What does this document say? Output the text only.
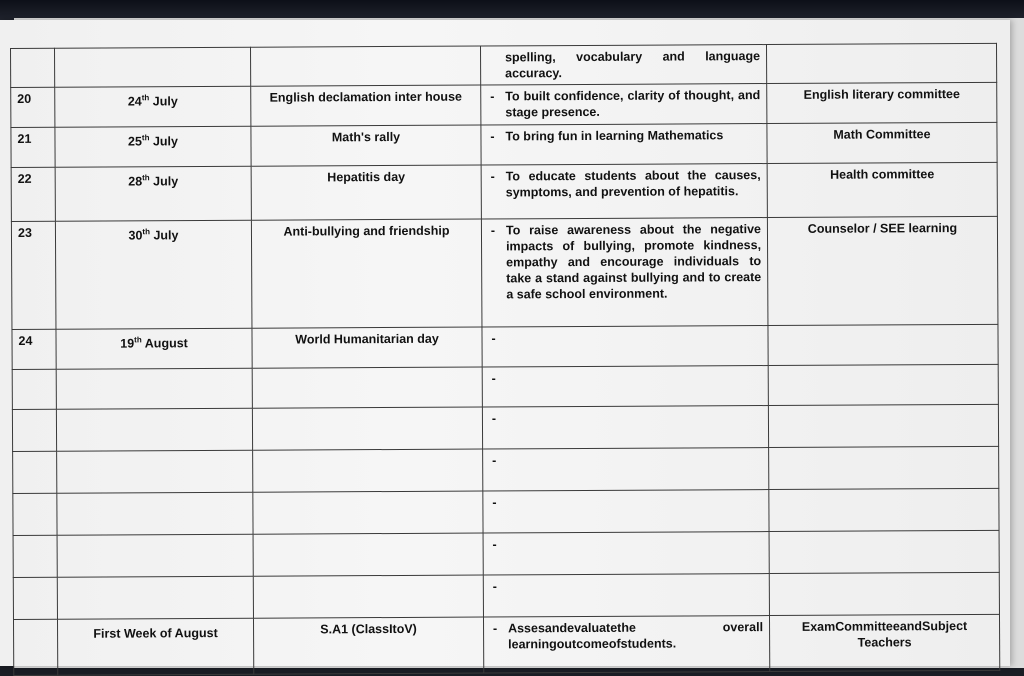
			spelling, vocabulary and language accuracy.	

20	24th July	English declamation inter house	- To built confidence, clarity of thought, and stage presence.	English literary committee
21	25th July	Math's rally	- To bring fun in learning Mathematics	Math Committee
22	28th July	Hepatitis day	- To educate students about the causes, symptoms, and prevention of hepatitis.	Health committee
23	30th July	Anti-bullying and friendship	- To raise awareness about the negative impacts of bullying, promote kindness, empathy and encourage individuals to take a stand against bullying and to create a safe school environment.	Counselor / SEE learning
24	19th August	World Humanitarian day	-	

			-	

			-	

			-	

			-	

			-	

			-	

	First Week of August	S.A1 (ClassItoV)	- Assesandevaluatethe overall learningoutcomeofstudents.	ExamCommitteeandSubject Teachers
